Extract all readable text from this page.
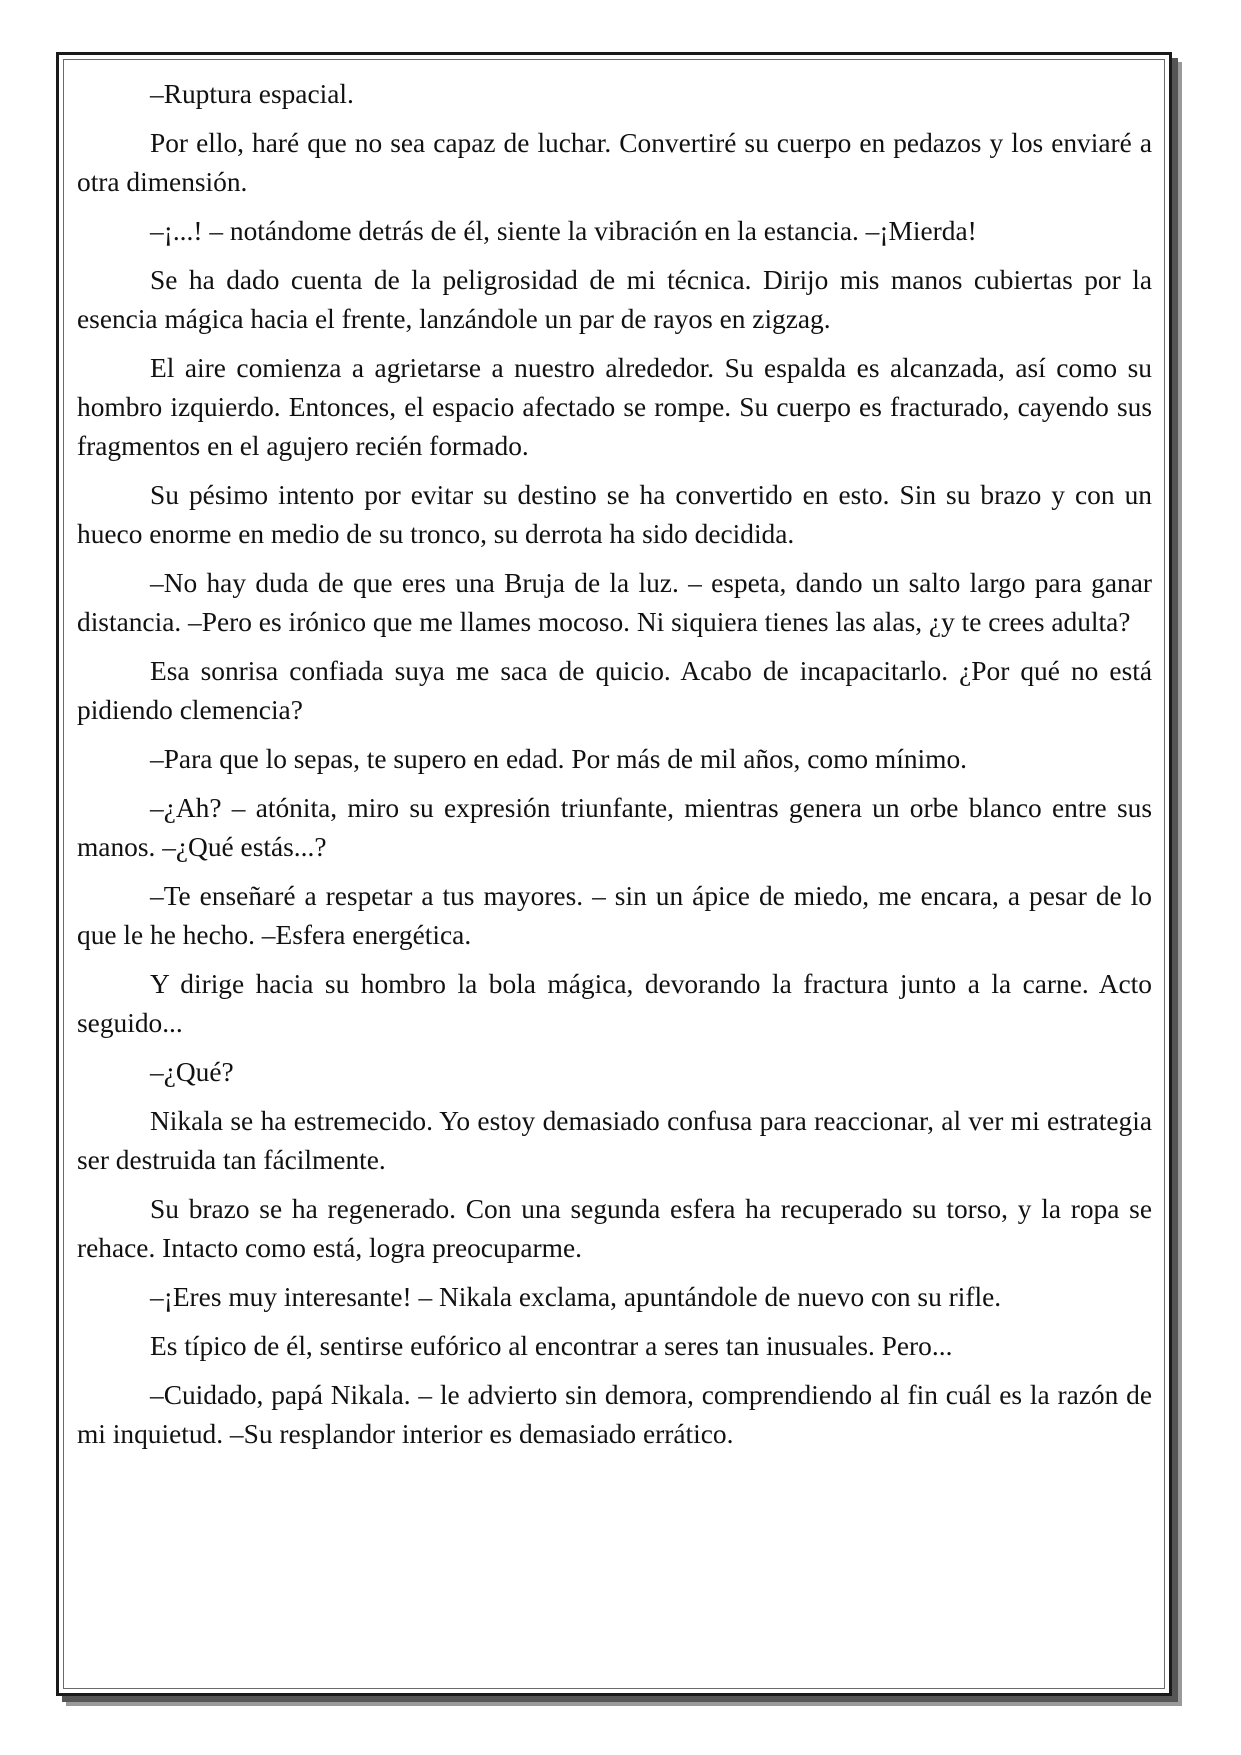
–Ruptura espacial.

Por ello, haré que no sea capaz de luchar. Convertiré su cuerpo en pedazos y los enviaré a otra dimensión.

–¡...! – notándome detrás de él, siente la vibración en la estancia. –¡Mierda!

Se ha dado cuenta de la peligrosidad de mi técnica. Dirijo mis manos cubiertas por la esencia mágica hacia el frente, lanzándole un par de rayos en zigzag.

El aire comienza a agrietarse a nuestro alrededor. Su espalda es alcanzada, así como su hombro izquierdo. Entonces, el espacio afectado se rompe. Su cuerpo es fracturado, cayendo sus fragmentos en el agujero recién formado.

Su pésimo intento por evitar su destino se ha convertido en esto. Sin su brazo y con un hueco enorme en medio de su tronco, su derrota ha sido decidida.

–No hay duda de que eres una Bruja de la luz. – espeta, dando un salto largo para ganar distancia. –Pero es irónico que me llames mocoso. Ni siquiera tienes las alas, ¿y te crees adulta?

Esa sonrisa confiada suya me saca de quicio. Acabo de incapacitarlo. ¿Por qué no está pidiendo clemencia?

–Para que lo sepas, te supero en edad. Por más de mil años, como mínimo.

–¿Ah? – atónita, miro su expresión triunfante, mientras genera un orbe blanco entre sus manos. –¿Qué estás...?

–Te enseñaré a respetar a tus mayores. – sin un ápice de miedo, me encara, a pesar de lo que le he hecho. –Esfera energética.

Y dirige hacia su hombro la bola mágica, devorando la fractura junto a la carne. Acto seguido...

–¿Qué?

Nikala se ha estremecido. Yo estoy demasiado confusa para reaccionar, al ver mi estrategia ser destruida tan fácilmente.

Su brazo se ha regenerado. Con una segunda esfera ha recuperado su torso, y la ropa se rehace. Intacto como está, logra preocuparme.

–¡Eres muy interesante! – Nikala exclama, apuntándole de nuevo con su rifle.

Es típico de él, sentirse eufórico al encontrar a seres tan inusuales. Pero...

–Cuidado, papá Nikala. – le advierto sin demora, comprendiendo al fin cuál es la razón de mi inquietud. –Su resplandor interior es demasiado errático.
